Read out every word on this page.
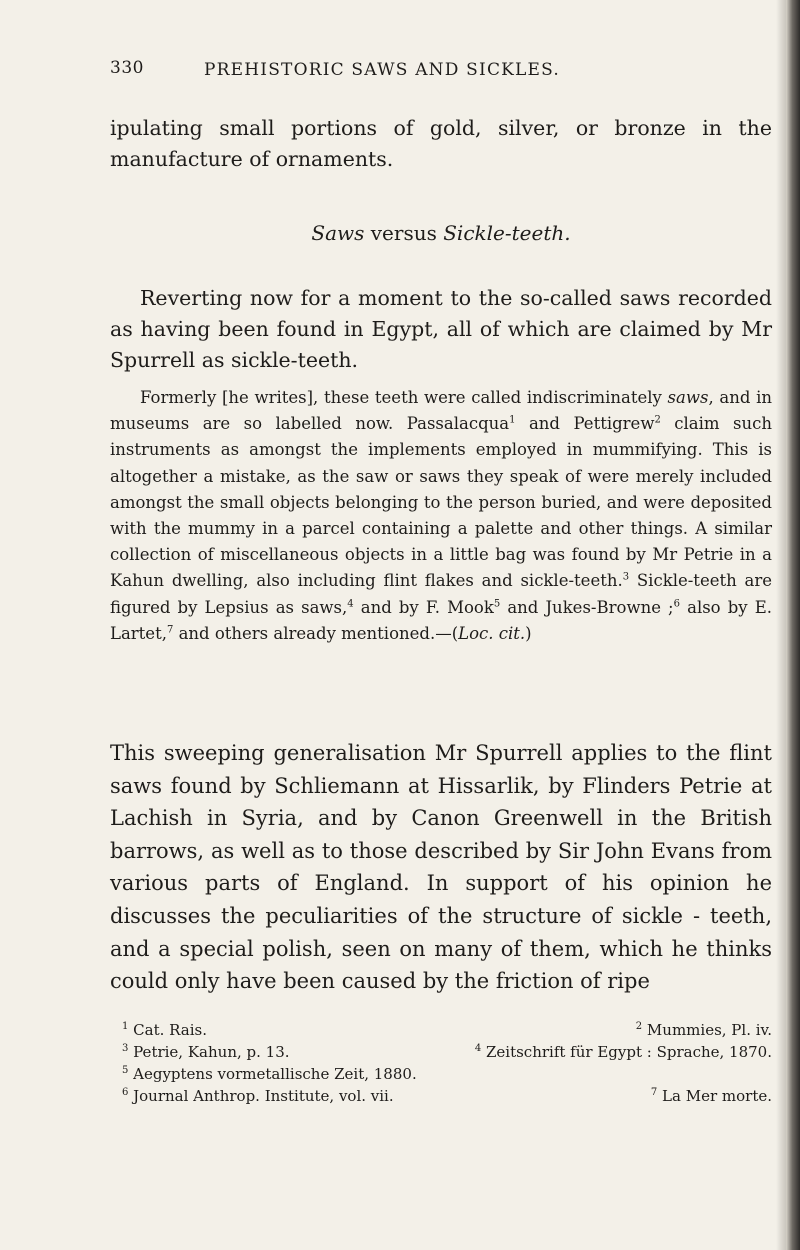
330	PREHISTORIC SAWS AND SICKLES.

ipulating small portions of gold, silver, or bronze in the manufacture of ornaments.

Saws versus Sickle-teeth.

Reverting now for a moment to the so-called saws recorded as having been found in Egypt, all of which are claimed by Mr Spurrell as sickle-teeth.

Formerly [he writes], these teeth were called indiscriminately saws, and in museums are so labelled now. Passalacqua$^1$ and Pettigrew$^2$ claim such instruments as amongst the implements employed in mummifying. This is altogether a mistake, as the saw or saws they speak of were merely included amongst the small objects belonging to the person buried, and were deposited with the mummy in a parcel containing a palette and other things. A similar collection of miscellaneous objects in a little bag was found by Mr Petrie in a Kahun dwelling, also including flint flakes and sickle-teeth.$^3$ Sickle-teeth are figured by Lepsius as saws,$^4$ and by F. Mook$^5$ and Jukes-Browne ;$^6$ also by E. Lartet,$^7$ and others already mentioned.—(Loc. cit.)

This sweeping generalisation Mr Spurrell applies to the flint saws found by Schliemann at Hissarlik, by Flinders Petrie at Lachish in Syria, and by Canon Greenwell in the British barrows, as well as to those described by Sir John Evans from various parts of England. In support of his opinion he discusses the peculiarities of the structure of sickle - teeth, and a special polish, seen on many of them, which he thinks could only have been caused by the friction of ripe

$^1$ Cat. Rais.	$^2$ Mummies, Pl. iv.
$^3$ Petrie, Kahun, p. 13.	$^4$ Zeitschrift für Egypt : Sprache, 1870.
$^5$ Aegyptens vormetallische Zeit, 1880.
$^6$ Journal Anthrop. Institute, vol. vii.	$^7$ La Mer morte.
